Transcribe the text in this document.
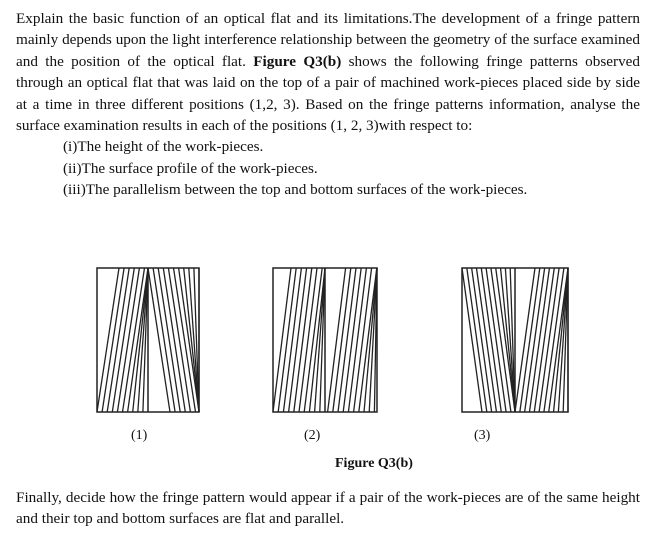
Explain the basic function of an optical flat and its limitations.The development of a fringe pattern mainly depends upon the light interference relationship between the geometry of the surface examined and the position of the optical flat. Figure Q3(b) shows the following fringe patterns observed through an optical flat that was laid on the top of a pair of machined work-pieces placed side by side at a time in three different positions (1,2, 3). Based on the fringe patterns information, analyse the surface examination results in each of the positions (1, 2, 3)with respect to:

(i)The height of the work-pieces.

(ii)The surface profile of the work-pieces.

(iii)The parallelism between the top and bottom surfaces of the work-pieces.

(1)	(2)	(3)
Figure Q3(b)

Finally, decide how the fringe pattern would appear if a pair of the work-pieces are of the same height and their top and bottom surfaces are flat and parallel.
